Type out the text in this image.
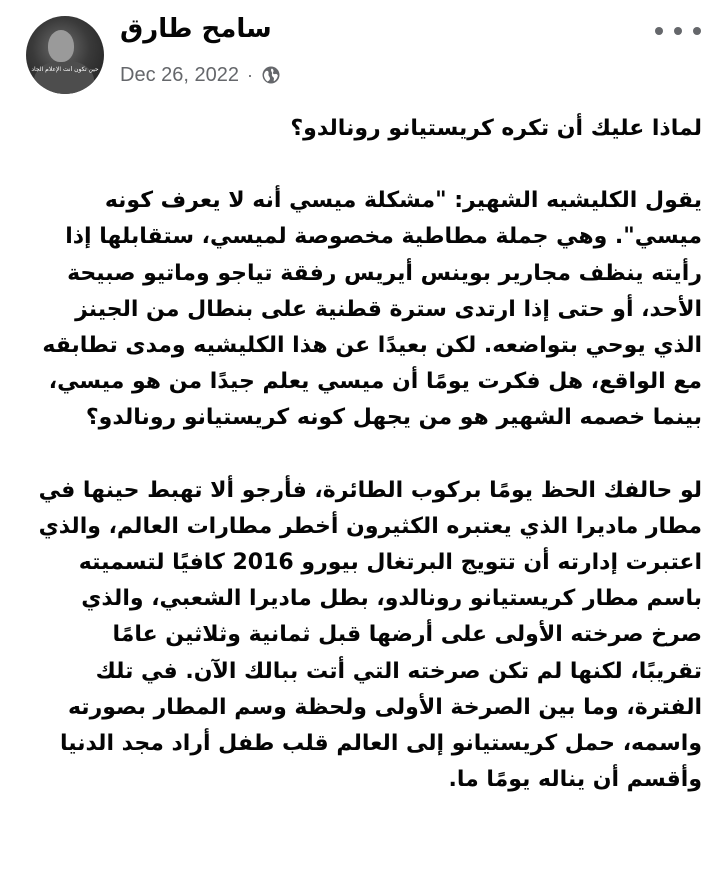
حين تكون أنت الإعلام الجاد
سامح طارق
Dec 26, 2022 ·

لماذا عليك أن تكره كريستيانو رونالدو؟

يقول الكليشيه الشهير: "مشكلة ميسي أنه لا يعرف كونه ميسي". وهي جملة مطاطية مخصوصة لميسي، ستقابلها إذا رأيته ينظف مجارير بوينس أيريس رفقة تياجو وماتيو صبيحة الأحد، أو حتى إذا ارتدى سترة قطنية على بنطال من الجينز الذي يوحي بتواضعه. لكن بعيدًا عن هذا الكليشيه ومدى تطابقه مع الواقع، هل فكرت يومًا أن ميسي يعلم جيدًا من هو ميسي، بينما خصمه الشهير هو من يجهل كونه كريستيانو رونالدو؟

لو حالفك الحظ يومًا بركوب الطائرة، فأرجو ألا تهبط حينها في مطار ماديرا الذي يعتبره الكثيرون أخطر مطارات العالم، والذي اعتبرت إدارته أن تتويج البرتغال بيورو 2016 كافيًا لتسميته باسم مطار كريستيانو رونالدو، بطل ماديرا الشعبي، والذي صرخ صرخته الأولى على أرضها قبل ثمانية وثلاثين عامًا تقريبًا، لكنها لم تكن صرخته التي أتت ببالك الآن. في تلك الفترة، وما بين الصرخة الأولى ولحظة وسم المطار بصورته واسمه، حمل كريستيانو إلى العالم قلب طفل أراد مجد الدنيا وأقسم أن يناله يومًا ما.
